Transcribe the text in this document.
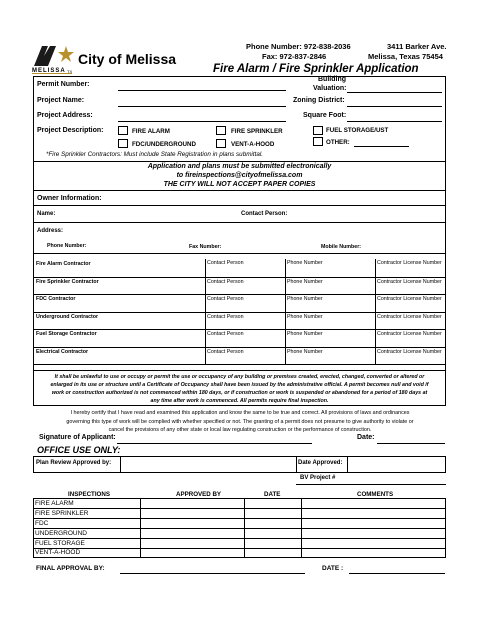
MELISSA TX
City of Melissa
Phone Number: 972-838-2036
Fax: 972-837-2846
3411 Barker Ave.
Melissa, Texas 75454
Fire Alarm / Fire Sprinkler Application
Permit Number:
Building
Valuation:
Project Name:	Zoning District:
Project Address:	Square Foot:
Project Description:	FIRE ALARM	FIRE SPRINKLER	FUEL STORAGE/UST
FDC/UNDERGROUND	VENT-A-HOOD	OTHER:
*Fire Sprinkler Contractors: Must include State Registration in plans submittal.
Application and plans must be submitted electronically
to fireinspections@cityofmelissa.com
THE CITY WILL NOT ACCEPT PAPER COPIES
Owner Information:
Name:	Contact Person:
Address:
Phone Number:	Fax Number:	Mobile Number:
Fire Alarm Contractor	Contact Person	Phone Number	Contractor License Number
Fire Sprinkler Contractor	Contact Person	Phone Number	Contractor License Number
FDC Contractor	Contact Person	Phone Number	Contractor License Number
Underground Contractor	Contact Person	Phone Number	Contractor License Number
Fuel Storage Contractor	Contact Person	Phone Number	Contractor License Number
Electrical Contractor	Contact Person	Phone Number	Contractor License Number
It shall be unlawful to use or occupy or permit the use or occupancy of any building or premises created, erected, changed, converted or altered or
enlarged in its use or structure until a Certificate of Occupancy shall have been issued by the administrative official. A permit becomes null and void if
work or construction authorized is not commenced within 180 days, or if construction or work is suspended or abandoned for a period of 180 days at
any time after work is commenced. All permits require final inspection.
I hereby certify that I have read and examined this application and know the same to be true and correct. All provisions of laws and ordinances
governing this type of work will be complied with whether specified or not. The granting of a permit does not presume to give authority to violate or
cancel the provisions of any other state or local law regulating construction or the performance of construction.
Signature of Applicant:	Date:
OFFICE USE ONLY:
Plan Review Approved by:	Date Approved:
BV Project #
INSPECTIONS	APPROVED BY	DATE	COMMENTS
FIRE ALARM
FIRE SPRINKLER
FDC
UNDERGROUND
FUEL STORAGE
VENT-A-HOOD
FINAL APPROVAL BY:	DATE :
